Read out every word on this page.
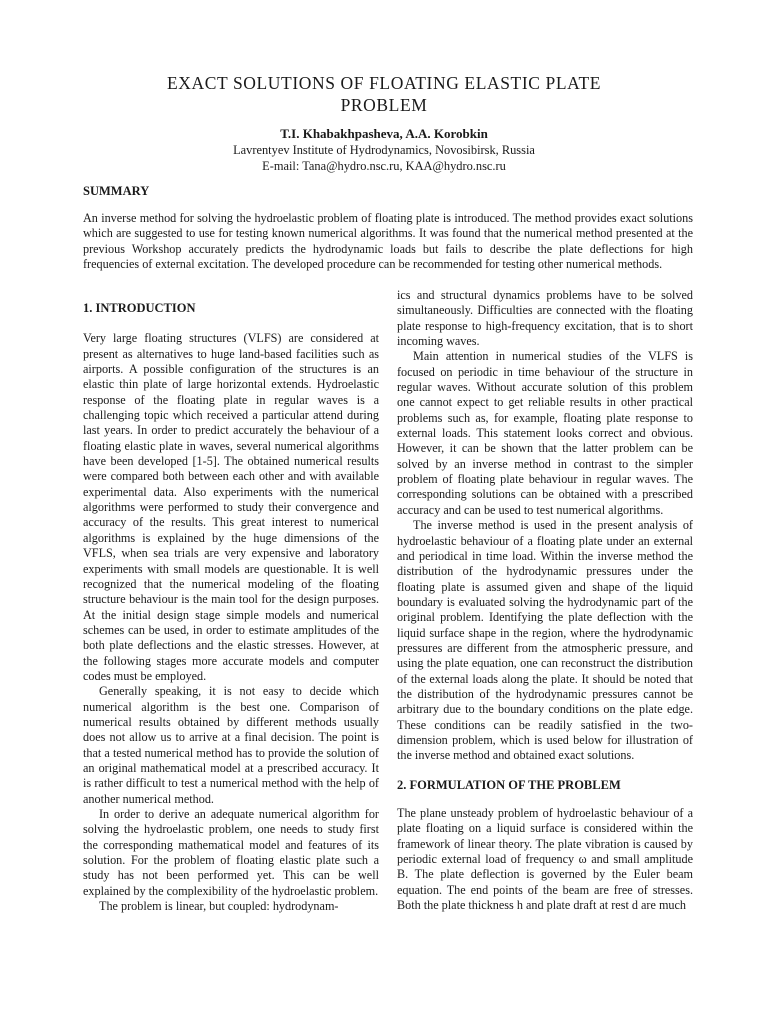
EXACT SOLUTIONS OF FLOATING ELASTIC PLATE
PROBLEM
T.I. Khabakhpasheva, A.A. Korobkin
Lavrentyev Institute of Hydrodynamics, Novosibirsk, Russia
E-mail: Tana@hydro.nsc.ru, KAA@hydro.nsc.ru
SUMMARY

An inverse method for solving the hydroelastic problem of floating plate is introduced. The method provides exact solutions which are suggested to use for testing known numerical algorithms. It was found that the numerical method presented at the previous Workshop accurately predicts the hydrodynamic loads but fails to describe the plate deflections for high frequencies of external excitation. The developed procedure can be recommended for testing other numerical methods.

1. INTRODUCTION

Very large floating structures (VLFS) are considered at present as alternatives to huge land-based facilities such as airports. A possible configuration of the structures is an elastic thin plate of large horizontal extends. Hydroelastic response of the floating plate in regular waves is a challenging topic which received a particular attend during last years. In order to predict accurately the behaviour of a floating elastic plate in waves, several numerical algorithms have been developed [1-5]. The obtained numerical results were compared both between each other and with available experimental data. Also experiments with the numerical algorithms were performed to study their convergence and accuracy of the results. This great interest to numerical algorithms is explained by the huge dimensions of the VFLS, when sea trials are very expensive and laboratory experiments with small models are questionable. It is well recognized that the numerical modeling of the floating structure behaviour is the main tool for the design purposes. At the initial design stage simple models and numerical schemes can be used, in order to estimate amplitudes of the both plate deflections and the elastic stresses. However, at the following stages more accurate models and computer codes must be employed.

Generally speaking, it is not easy to decide which numerical algorithm is the best one. Comparison of numerical results obtained by different methods usually does not allow us to arrive at a final decision. The point is that a tested numerical method has to provide the solution of an original mathematical model at a prescribed accuracy. It is rather difficult to test a numerical method with the help of another numerical method.

In order to derive an adequate numerical algorithm for solving the hydroelastic problem, one needs to study first the corresponding mathematical model and features of its solution. For the problem of floating elastic plate such a study has not been performed yet. This can be well explained by the complexibility of the hydroelastic problem.

The problem is linear, but coupled: hydrodynam-

ics and structural dynamics problems have to be solved simultaneously. Difficulties are connected with the floating plate response to high-frequency excitation, that is to short incoming waves.

Main attention in numerical studies of the VLFS is focused on periodic in time behaviour of the structure in regular waves. Without accurate solution of this problem one cannot expect to get reliable results in other practical problems such as, for example, floating plate response to external loads. This statement looks correct and obvious. However, it can be shown that the latter problem can be solved by an inverse method in contrast to the simpler problem of floating plate behaviour in regular waves. The corresponding solutions can be obtained with a prescribed accuracy and can be used to test numerical algorithms.

The inverse method is used in the present analysis of hydroelastic behaviour of a floating plate under an external and periodical in time load. Within the inverse method the distribution of the hydrodynamic pressures under the floating plate is assumed given and shape of the liquid boundary is evaluated solving the hydrodynamic part of the original problem. Identifying the plate deflection with the liquid surface shape in the region, where the hydrodynamic pressures are different from the atmospheric pressure, and using the plate equation, one can reconstruct the distribution of the external loads along the plate. It should be noted that the distribution of the hydrodynamic pressures cannot be arbitrary due to the boundary conditions on the plate edge. These conditions can be readily satisfied in the two-dimension problem, which is used below for illustration of the inverse method and obtained exact solutions.

2. FORMULATION OF THE PROBLEM

The plane unsteady problem of hydroelastic behaviour of a plate floating on a liquid surface is considered within the framework of linear theory. The plate vibration is caused by periodic external load of frequency ω and small amplitude B. The plate deflection is governed by the Euler beam equation. The end points of the beam are free of stresses. Both the plate thickness h and plate draft at rest d are much
